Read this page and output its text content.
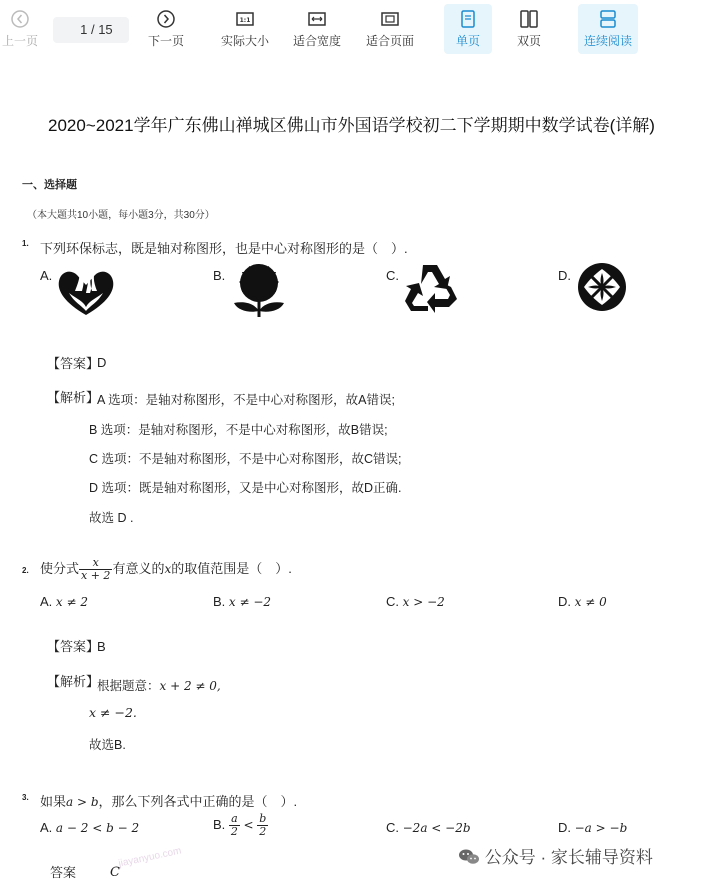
上一页
1 / 15
下一页
1:1
实际大小	适合宽度	适合页面	单页	双页	连续阅读
2020~2021学年广东佛山禅城区佛山市外国语学校初二下学期期中数学试卷(详解)
一、选择题
（本大题共10小题，每小题3分，共30分）
1. 下列环保标志，既是轴对称图形，也是中心对称图形的是（　）.
A.	B.	C.	D.
【答案】
D
【解析】
A 选项：是轴对称图形，不是中心对称图形，故A错误;
B 选项：是轴对称图形，不是中心对称图形，故B错误;
C 选项：不是轴对称图形，不是中心对称图形，故C错误;
D 选项：既是轴对称图形，又是中心对称图形，故D正确.
故选 D .
2. 使分式 $\frac{x}{x + 2}$ 有意义的x的取值范围是（　）.
A. x ≠ 2	B. x ≠ −2	C. x > −2	D. x ≠ 0
【答案】
B
【解析】
根据题意：x + 2 ≠ 0,
x ≠ −2.
故选B.
3. 如果a > b，那么下列各式中正确的是（　）.
A. a − 2 < b − 2	B. $\frac{a}{2} < \frac{b}{2}$	C. −2a < −2b	D. −a > −b
答案	C
jiayanyuo.com	公众号 · 家长辅导资料
